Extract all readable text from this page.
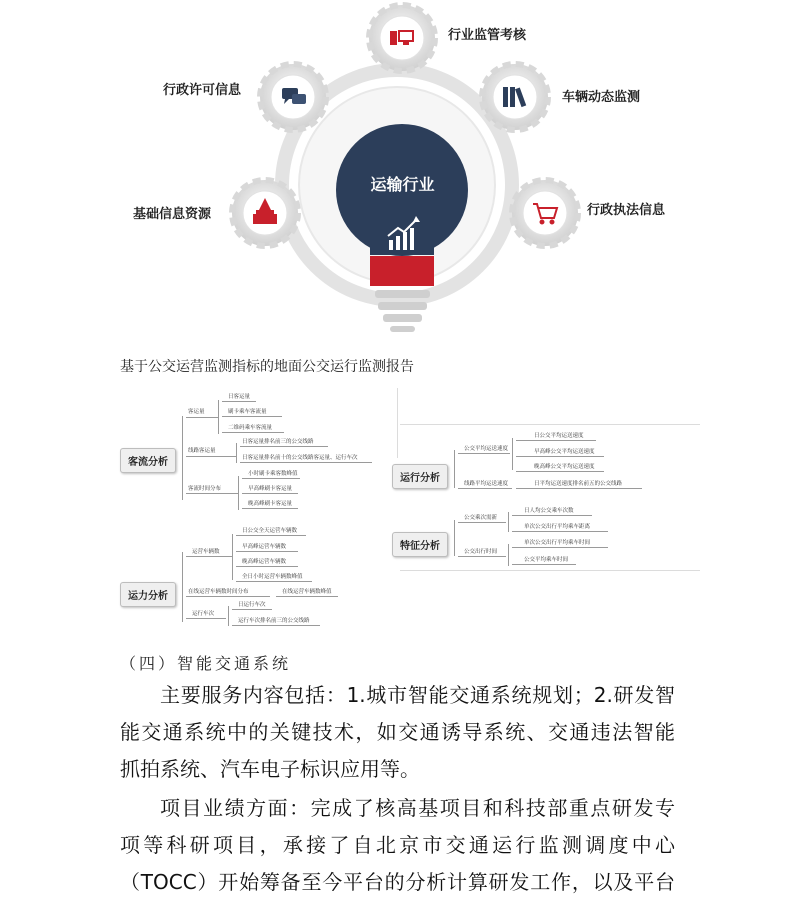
运输行业
行业监管考核
行政许可信息	车辆动态监测
基础信息资源	行政执法信息
基于公交运营监测指标的地面公交运行监测报告
客流分析
客运量
日客运量
刷卡乘车客流量
二维码乘车客流量
线路客运量
日客运量排名前三的公交线路
日客运量排名前十的公交线路客运量、运行车次
客流时间分布
小时刷卡乘客数峰值
早高峰刷卡客运量
晚高峰刷卡客运量
运力分析
运营车辆数
日公交全天运营车辆数
早高峰运营车辆数
晚高峰运营车辆数
全日小时运营车辆数峰值
在线运营车辆数时间分布	在线运营车辆数峰值
运行车次
日运行车次
运行车次排名前三的公交线路
运行分析
公交平均运送速度
日公交平均运送速度
早高峰公交平均运送速度
晚高峰公交平均运送速度
线路平均运送速度	日平均运送速度排名前五的公交线路
特征分析
公交乘次需新
日人均公交乘车次数
单次公交出行平均乘车距离
公交出行时间
单次公交出行平均乘车时间
公交平均乘车时间
（四）智能交通系统
主要服务内容包括：1.城市智能交通系统规划；2.研发智
能交通系统中的关键技术，如交通诱导系统、交通违法智能
抓拍系统、汽车电子标识应用等。
项目业绩方面：完成了核高基项目和科技部重点研发专
项等科研项目，承接了自北京市交通运行监测调度中心
（TOCC）开始筹备至今平台的分析计算研发工作，以及平台
